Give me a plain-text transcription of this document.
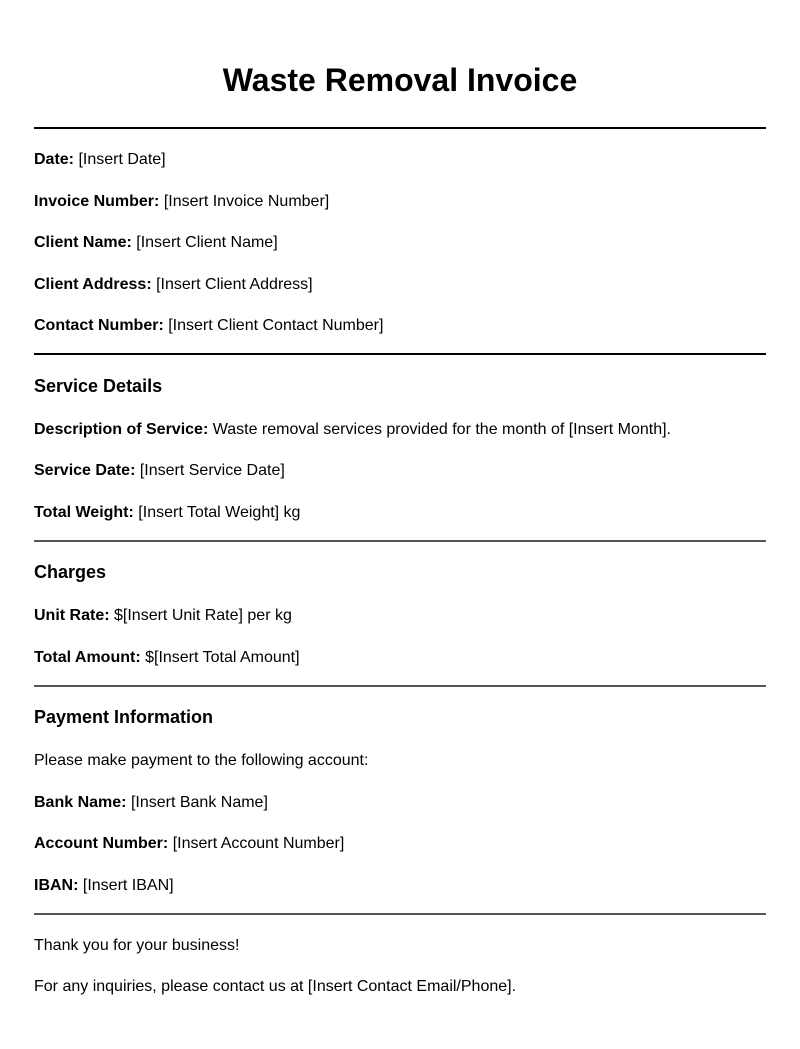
Waste Removal Invoice
Date: [Insert Date]
Invoice Number: [Insert Invoice Number]
Client Name: [Insert Client Name]
Client Address: [Insert Client Address]
Contact Number: [Insert Client Contact Number]
Service Details
Description of Service: Waste removal services provided for the month of [Insert Month].
Service Date: [Insert Service Date]
Total Weight: [Insert Total Weight] kg
Charges
Unit Rate: $[Insert Unit Rate] per kg
Total Amount: $[Insert Total Amount]
Payment Information
Please make payment to the following account:
Bank Name: [Insert Bank Name]
Account Number: [Insert Account Number]
IBAN: [Insert IBAN]
Thank you for your business!
For any inquiries, please contact us at [Insert Contact Email/Phone].
